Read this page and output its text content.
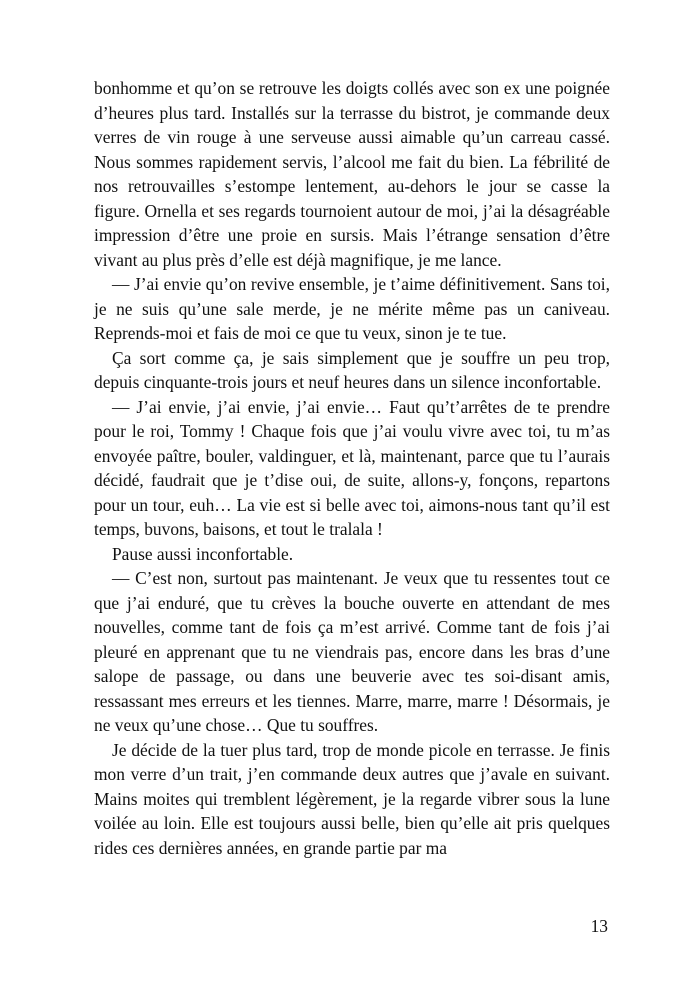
bonhomme et qu’on se retrouve les doigts collés avec son ex une poignée d’heures plus tard. Installés sur la terrasse du bistrot, je commande deux verres de vin rouge à une serveuse aussi aimable qu’un carreau cassé. Nous sommes rapidement servis, l’alcool me fait du bien. La fébrilité de nos retrouvailles s’estompe lentement, au-dehors le jour se casse la figure. Ornella et ses regards tournoient autour de moi, j’ai la désagréable impression d’être une proie en sursis. Mais l’étrange sensation d’être vivant au plus près d’elle est déjà magnifique, je me lance.

— J’ai envie qu’on revive ensemble, je t’aime définitivement. Sans toi, je ne suis qu’une sale merde, je ne mérite même pas un caniveau. Reprends-moi et fais de moi ce que tu veux, sinon je te tue.

Ça sort comme ça, je sais simplement que je souffre un peu trop, depuis cinquante-trois jours et neuf heures dans un silence inconfortable.

— J’ai envie, j’ai envie, j’ai envie… Faut qu’t’arrêtes de te prendre pour le roi, Tommy ! Chaque fois que j’ai voulu vivre avec toi, tu m’as envoyée paître, bouler, valdinguer, et là, maintenant, parce que tu l’aurais décidé, faudrait que je t’dise oui, de suite, allons-y, fonçons, repartons pour un tour, euh… La vie est si belle avec toi, aimons-nous tant qu’il est temps, buvons, baisons, et tout le tralala !

Pause aussi inconfortable.

— C’est non, surtout pas maintenant. Je veux que tu ressentes tout ce que j’ai enduré, que tu crèves la bouche ouverte en attendant de mes nouvelles, comme tant de fois ça m’est arrivé. Comme tant de fois j’ai pleuré en apprenant que tu ne viendrais pas, encore dans les bras d’une salope de passage, ou dans une beuverie avec tes soi-disant amis, ressassant mes erreurs et les tiennes. Marre, marre, marre ! Désormais, je ne veux qu’une chose… Que tu souffres.

Je décide de la tuer plus tard, trop de monde picole en terrasse. Je finis mon verre d’un trait, j’en commande deux autres que j’avale en suivant. Mains moites qui tremblent légèrement, je la regarde vibrer sous la lune voilée au loin. Elle est toujours aussi belle, bien qu’elle ait pris quelques rides ces dernières années, en grande partie par ma

13
